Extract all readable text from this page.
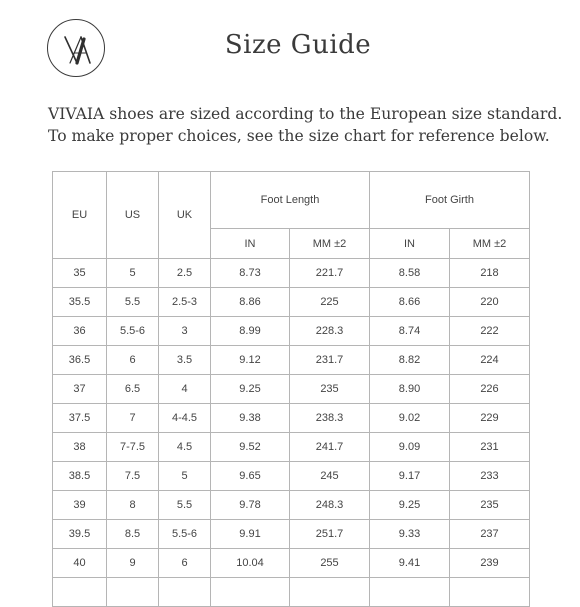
Size Guide
VIVAIA shoes are sized according to the European size standard.
To make proper choices, see the size chart for reference below.
EU	US	UK	Foot Length		Foot Girth	
			IN	MM ±2	IN	MM ±2
35	5	2.5	8.73	221.7	8.58	218
35.5	5.5	2.5-3	8.86	225	8.66	220
36	5.5-6	3	8.99	228.3	8.74	222
36.5	6	3.5	9.12	231.7	8.82	224
37	6.5	4	9.25	235	8.90	226
37.5	7	4-4.5	9.38	238.3	9.02	229
38	7-7.5	4.5	9.52	241.7	9.09	231
38.5	7.5	5	9.65	245	9.17	233
39	8	5.5	9.78	248.3	9.25	235
39.5	8.5	5.5-6	9.91	251.7	9.33	237
40	9	6	10.04	255	9.41	239
